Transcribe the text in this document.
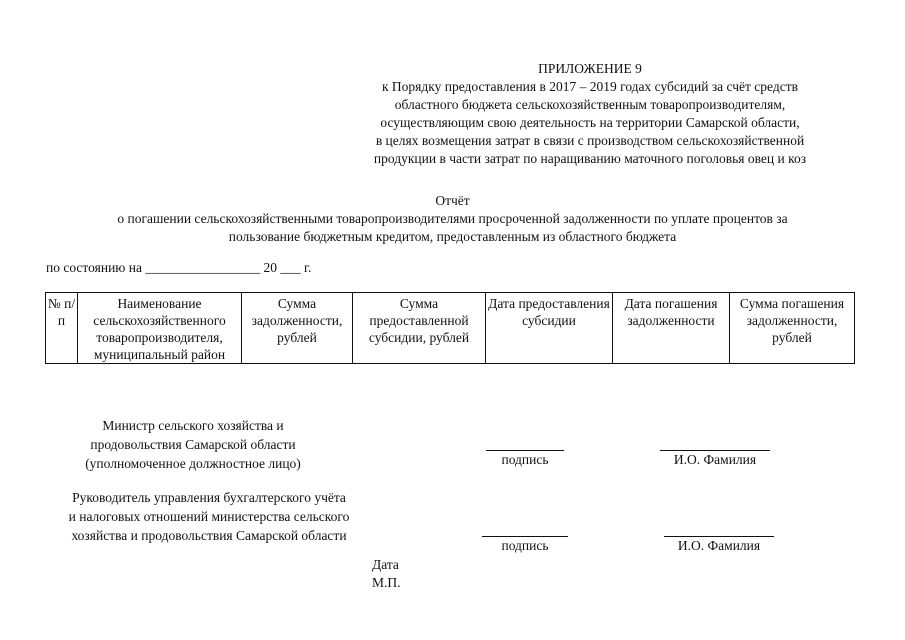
ПРИЛОЖЕНИЕ 9
к Порядку предоставления в 2017 – 2019 годах субсидий за счёт средств
областного бюджета сельскохозяйственным товаропроизводителям,
осуществляющим свою деятельность на территории Самарской области,
в целях возмещения затрат в связи с производством сельскохозяйственной
продукции в части затрат по наращиванию маточного поголовья овец и коз
Отчёт
о погашении сельскохозяйственными товаропроизводителями просроченной задолженности по уплате процентов за
пользование бюджетным кредитом, предоставленным из областного бюджета
по состоянию на _________________ 20 ___ г.
№ п/п	Наименование сельскохозяйственного товаропроизводителя, муниципальный район	Сумма задолженности, рублей	Сумма предоставленной субсидии, рублей	Дата предоставления субсидии	Дата погашения задолженности	Сумма погашения задолженности, рублей
Министр сельского хозяйства и
продовольствия Самарской области
(уполномоченное должностное лицо)	подпись	И.О. Фамилия
Руководитель управления бухгалтерского учёта
и налоговых отношений министерства сельского
хозяйства и продовольствия Самарской области
подпись	И.О. Фамилия
Дата
М.П.
